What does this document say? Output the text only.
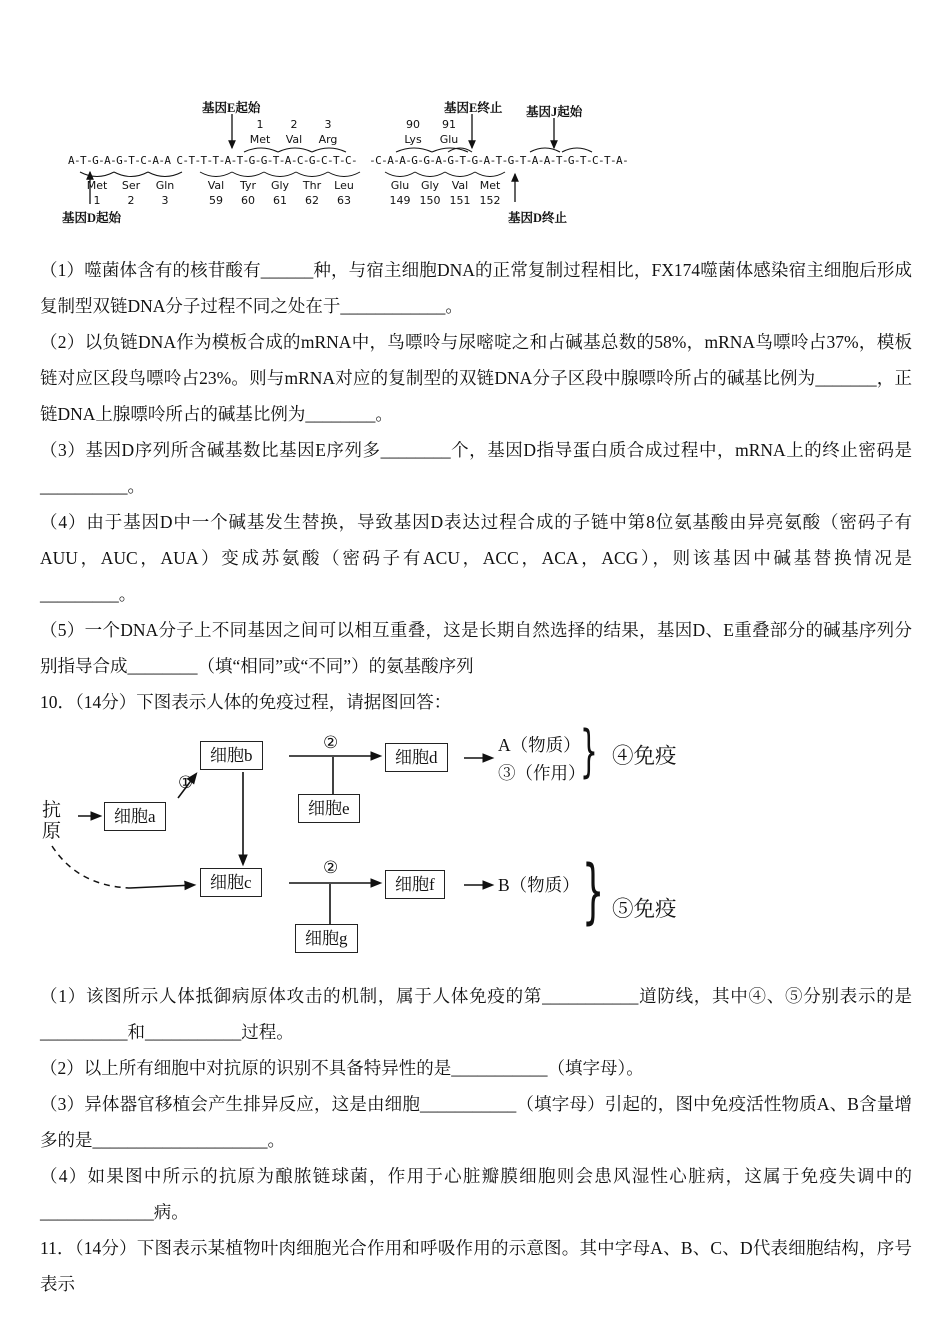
基因E起始	基因E终止 基因J起始
基因D起始	基因D终止
1	2	3
Met	Val	Arg
90	91
Lys	Glu
A-T-G-A-G-T-C-A-A C-T-T-T-A-T-G-G-T-A-C-G-C-T-C-  -C-A-A-G-G-A-G-T-G-A-T-G-T-A-A-T-G-T-C-T-A-
Met	Ser	Gln
1	2	3
Val	Tyr	Gly	Thr	Leu
59	60	61	62	63
Glu	Gly	Val	Met
149 150 151 152

（1）噬菌体含有的核苷酸有______种，与宿主细胞DNA的正常复制过程相比，FX174噬菌体感染宿主细胞后形成复制型双链DNA分子过程不同之处在于____________。

（2）以负链DNA作为模板合成的mRNA中，鸟嘌呤与尿嘧啶之和占碱基总数的58%，mRNA鸟嘌呤占37%，模板链对应区段鸟嘌呤占23%。则与mRNA对应的复制型的双链DNA分子区段中腺嘌呤所占的碱基比例为_______，正链DNA上腺嘌呤所占的碱基比例为________。

（3）基因D序列所含碱基数比基因E序列多________个，基因D指导蛋白质合成过程中，mRNA上的终止密码是__________。

（4）由于基因D中一个碱基发生替换，导致基因D表达过程合成的子链中第8位氨基酸由异亮氨酸（密码子有AUU，AUC，AUA）变成苏氨酸（密码子有ACU，ACC，ACA，ACG），则该基因中碱基替换情况是_________。

（5）一个DNA分子上不同基因之间可以相互重叠，这是长期自然选择的结果，基因D、E重叠部分的碱基序列分别指导合成________（填“相同”或“不同”）的氨基酸序列

10．（14分）下图表示人体的免疫过程，请据图回答：

抗原
细胞a
细胞b
细胞e
细胞d
细胞c	细胞f
细胞g
①
②
②
A（物质）
③（作用）
} ④免疫
B（物质） } ⑤免疫

（1）该图所示人体抵御病原体攻击的机制，属于人体免疫的第___________道防线，其中④、⑤分别表示的是__________和___________过程。

（2）以上所有细胞中对抗原的识别不具备特异性的是___________（填字母）。

（3）异体器官移植会产生排异反应，这是由细胞___________（填字母）引起的，图中免疫活性物质A、B含量增多的是____________________。

（4）如果图中所示的抗原为酿脓链球菌，作用于心脏瓣膜细胞则会患风湿性心脏病，这属于免疫失调中的_____________病。

11．（14分）下图表示某植物叶肉细胞光合作用和呼吸作用的示意图。其中字母A、B、C、D代表细胞结构，序号表示
